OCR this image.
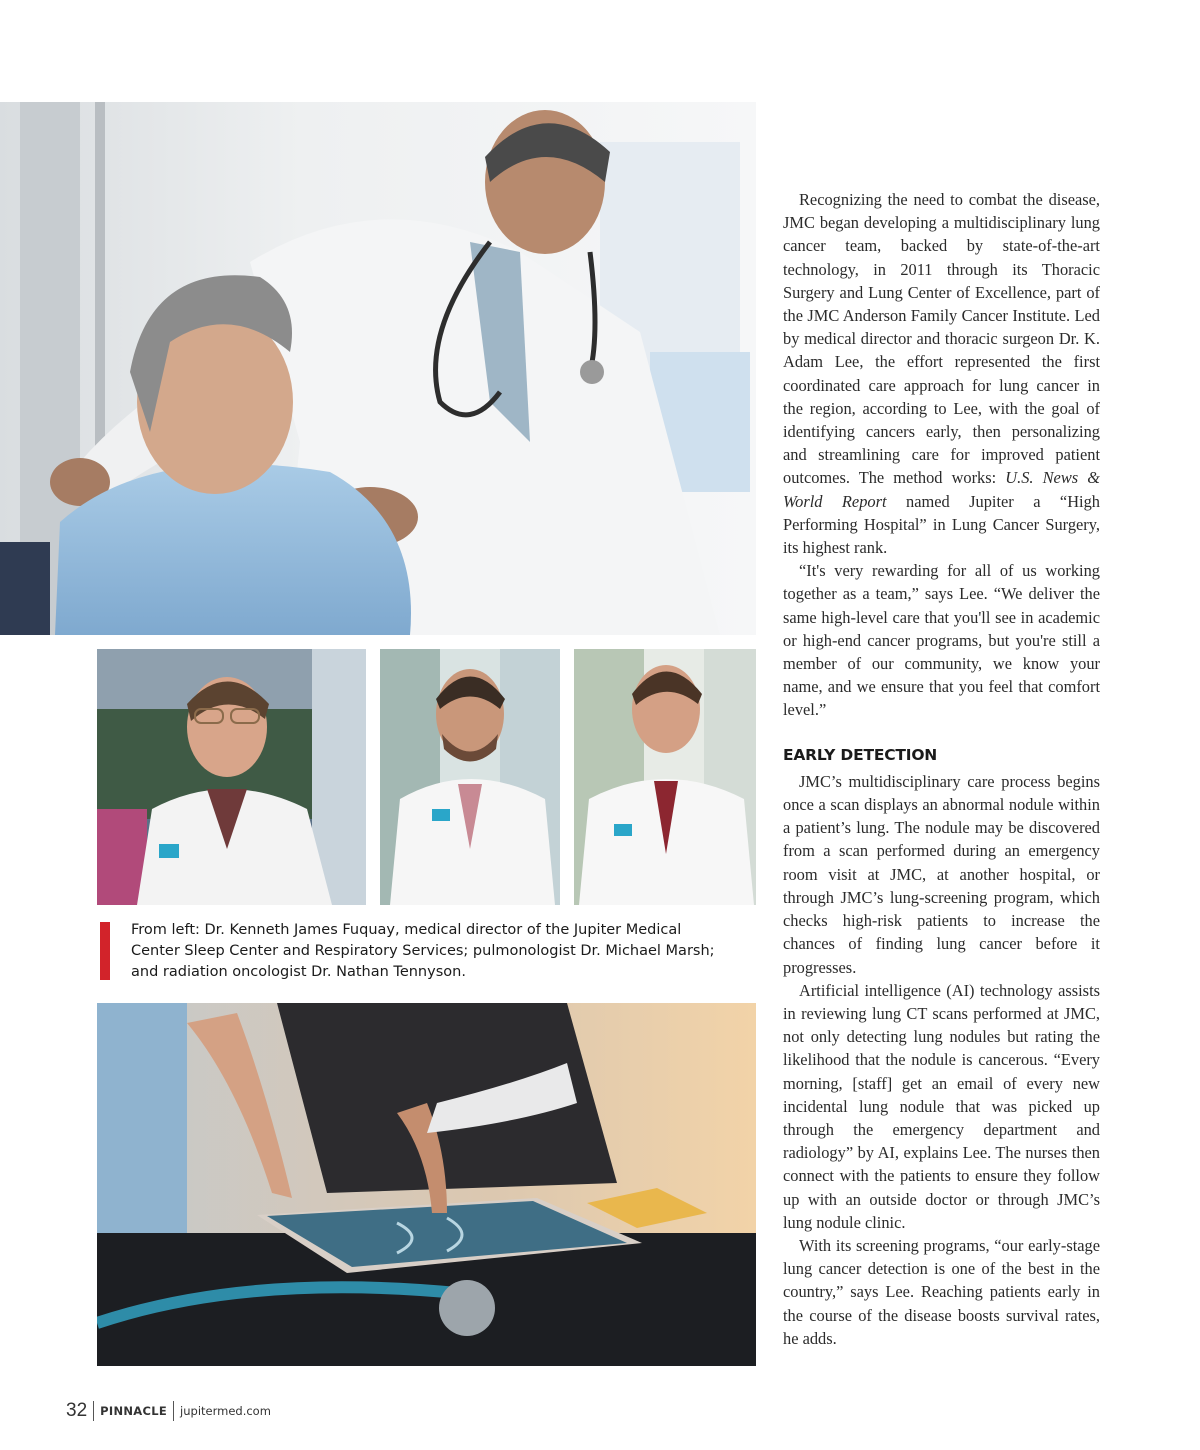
From left: Dr. Kenneth James Fuquay, medical director of the Jupiter Medical Center Sleep Center and Respiratory Services; pulmonologist Dr. Michael Marsh; and radiation oncologist Dr. Nathan Tennyson.

Recognizing the need to combat the disease, JMC began developing a multidisciplinary lung cancer team, backed by state-of-the-art technology, in 2011 through its Thoracic Surgery and Lung Center of Excellence, part of the JMC Anderson Family Cancer Institute. Led by medical director and thoracic surgeon Dr. K. Adam Lee, the effort represented the first coordinated care approach for lung cancer in the region, according to Lee, with the goal of identifying cancers early, then personalizing and streamlining care for improved patient outcomes. The method works: U.S. News & World Report named Jupiter a “High Performing Hospital” in Lung Cancer Surgery, its highest rank.

“It's very rewarding for all of us working together as a team,” says Lee. “We deliver the same high-level care that you'll see in academic or high-end cancer programs, but you're still a member of our community, we know your name, and we ensure that you feel that comfort level.”

EARLY DETECTION

JMC’s multidisciplinary care process begins once a scan displays an abnormal nodule within a patient’s lung. The nodule may be discovered from a scan performed during an emergency room visit at JMC, at another hospital, or through JMC’s lung-screening program, which checks high-risk patients to increase the chances of finding lung cancer before it progresses.

Artificial intelligence (AI) technology assists in reviewing lung CT scans performed at JMC, not only detecting lung nodules but rating the likelihood that the nodule is cancerous. “Every morning, [staff] get an email of every new incidental lung nodule that was picked up through the emergency department and radiology” by AI, explains Lee. The nurses then connect with the patients to ensure they follow up with an outside doctor or through JMC’s lung nodule clinic.

With its screening programs, “our early-stage lung cancer detection is one of the best in the country,” says Lee. Reaching patients early in the course of the disease boosts survival rates, he adds.

32 PINNACLE jupitermed.com
